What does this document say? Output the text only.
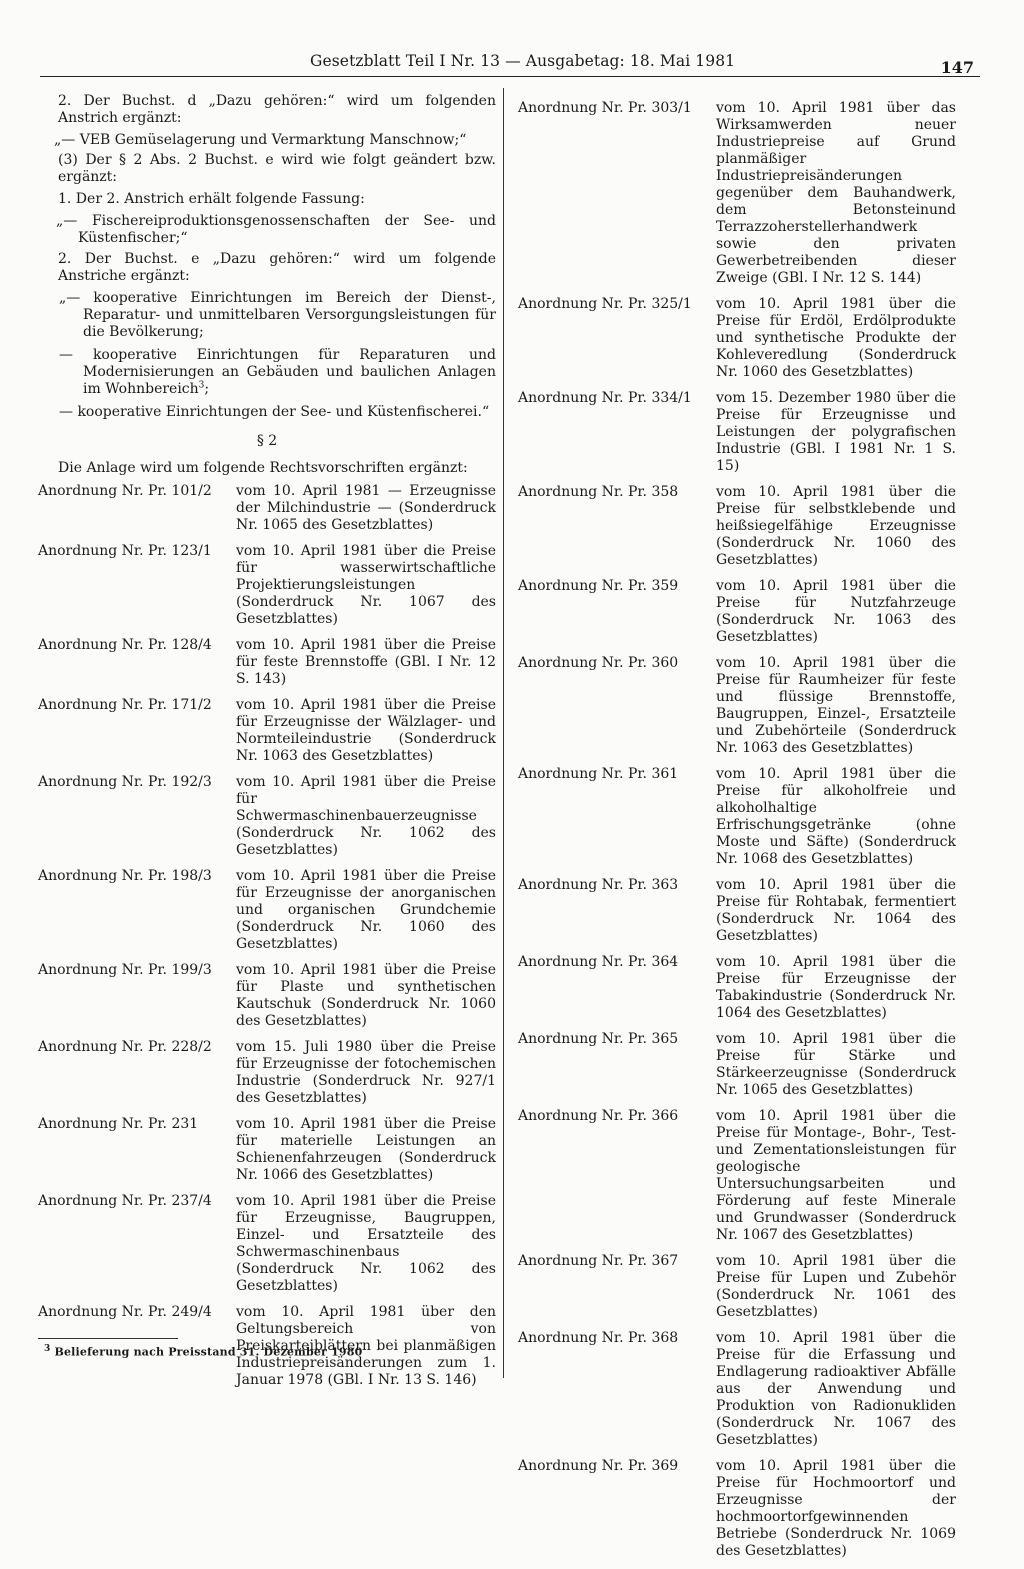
Gesetzblatt Teil I Nr. 13 — Ausgabetag: 18. Mai 1981	147

2. Der Buchst. d „Dazu gehören:“ wird um folgenden Anstrich ergänzt:

„— VEB Gemüselagerung und Vermarktung Manschnow;“

(3) Der § 2 Abs. 2 Buchst. e wird wie folgt geändert bzw. ergänzt:

1. Der 2. Anstrich erhält folgende Fassung:

„— Fischereiproduktionsgenossenschaften der See- und Küstenfischer;“

2. Der Buchst. e „Dazu gehören:“ wird um folgende Anstriche ergänzt:

„— kooperative Einrichtungen im Bereich der Dienst-, Reparatur- und unmittelbaren Versorgungsleistungen für die Bevölkerung;

— kooperative Einrichtungen für Reparaturen und Modernisierungen an Gebäuden und baulichen Anlagen im Wohnbereich$^3$;

— kooperative Einrichtungen der See- und Küstenfischerei.“

§ 2
Die Anlage wird um folgende Rechtsvorschriften ergänzt:
Anordnung Nr. Pr. 101/2	vom 10. April 1981 — Erzeugnisse der Milchindustrie — (Sonderdruck Nr. 1065 des Gesetzblattes)
Anordnung Nr. Pr. 123/1	vom 10. April 1981 über die Preise für wasserwirtschaftliche Projektierungsleistungen (Sonderdruck Nr. 1067 des Gesetzblattes)
Anordnung Nr. Pr. 128/4	vom 10. April 1981 über die Preise für feste Brennstoffe (GBl. I Nr. 12 S. 143)
Anordnung Nr. Pr. 171/2	vom 10. April 1981 über die Preise für Erzeugnisse der Wälzlager- und Normteileindustrie (Sonderdruck Nr. 1063 des Gesetzblattes)
Anordnung Nr. Pr. 192/3	vom 10. April 1981 über die Preise für Schwermaschinenbauerzeugnisse (Sonderdruck Nr. 1062 des Gesetzblattes)
Anordnung Nr. Pr. 198/3	vom 10. April 1981 über die Preise für Erzeugnisse der anorganischen und organischen Grundchemie (Sonderdruck Nr. 1060 des Gesetzblattes)
Anordnung Nr. Pr. 199/3	vom 10. April 1981 über die Preise für Plaste und synthetischen Kautschuk (Sonderdruck Nr. 1060 des Gesetzblattes)
Anordnung Nr. Pr. 228/2	vom 15. Juli 1980 über die Preise für Erzeugnisse der fotochemischen Industrie (Sonderdruck Nr. 927/1 des Gesetzblattes)
Anordnung Nr. Pr. 231	vom 10. April 1981 über die Preise für materielle Leistungen an Schienenfahrzeugen (Sonderdruck Nr. 1066 des Gesetzblattes)
Anordnung Nr. Pr. 237/4	vom 10. April 1981 über die Preise für Erzeugnisse, Baugruppen, Einzel- und Ersatzteile des Schwermaschinenbaus (Sonderdruck Nr. 1062 des Gesetzblattes)
Anordnung Nr. Pr. 249/4	vom 10. April 1981 über den Geltungsbereich von Preiskarteiblättern bei planmäßigen Industriepreisänderungen zum 1. Januar 1978 (GBl. I Nr. 13 S. 146)
Anordnung Nr. Pr. 303/1	vom 10. April 1981 über das Wirksamwerden neuer Industriepreise auf Grund planmäßiger Industriepreisänderungen gegenüber dem Bauhandwerk, dem Betonsteinund Terrazzoherstellerhandwerk sowie den privaten Gewerbetreibenden dieser Zweige (GBl. I Nr. 12 S. 144)
Anordnung Nr. Pr. 325/1	vom 10. April 1981 über die Preise für Erdöl, Erdölprodukte und synthetische Produkte der Kohleveredlung (Sonderdruck Nr. 1060 des Gesetzblattes)
Anordnung Nr. Pr. 334/1	vom 15. Dezember 1980 über die Preise für Erzeugnisse und Leistungen der polygrafischen Industrie (GBl. I 1981 Nr. 1 S. 15)
Anordnung Nr. Pr. 358	vom 10. April 1981 über die Preise für selbstklebende und heißsiegelfähige Erzeugnisse (Sonderdruck Nr. 1060 des Gesetzblattes)
Anordnung Nr. Pr. 359	vom 10. April 1981 über die Preise für Nutzfahrzeuge (Sonderdruck Nr. 1063 des Gesetzblattes)
Anordnung Nr. Pr. 360	vom 10. April 1981 über die Preise für Raumheizer für feste und flüssige Brennstoffe, Baugruppen, Einzel-, Ersatzteile und Zubehörteile (Sonderdruck Nr. 1063 des Gesetzblattes)
Anordnung Nr. Pr. 361	vom 10. April 1981 über die Preise für alkoholfreie und alkoholhaltige Erfrischungsgetränke (ohne Moste und Säfte) (Sonderdruck Nr. 1068 des Gesetzblattes)
Anordnung Nr. Pr. 363	vom 10. April 1981 über die Preise für Rohtabak, fermentiert (Sonderdruck Nr. 1064 des Gesetzblattes)
Anordnung Nr. Pr. 364	vom 10. April 1981 über die Preise für Erzeugnisse der Tabakindustrie (Sonderdruck Nr. 1064 des Gesetzblattes)
Anordnung Nr. Pr. 365	vom 10. April 1981 über die Preise für Stärke und Stärkeerzeugnisse (Sonderdruck Nr. 1065 des Gesetzblattes)
Anordnung Nr. Pr. 366	vom 10. April 1981 über die Preise für Montage-, Bohr-, Test- und Zementationsleistungen für geologische Untersuchungsarbeiten und Förderung auf feste Minerale und Grundwasser (Sonderdruck Nr. 1067 des Gesetzblattes)
Anordnung Nr. Pr. 367	vom 10. April 1981 über die Preise für Lupen und Zubehör (Sonderdruck Nr. 1061 des Gesetzblattes)
Anordnung Nr. Pr. 368	vom 10. April 1981 über die Preise für die Erfassung und Endlagerung radioaktiver Abfälle aus der Anwendung und Produktion von Radionukliden (Sonderdruck Nr. 1067 des Gesetzblattes)
Anordnung Nr. Pr. 369	vom 10. April 1981 über die Preise für Hochmoortorf und Erzeugnisse der hochmoortorfgewinnenden Betriebe (Sonderdruck Nr. 1069 des Gesetzblattes)
$^3$ Belieferung nach Preisstand 31. Dezember 1980
